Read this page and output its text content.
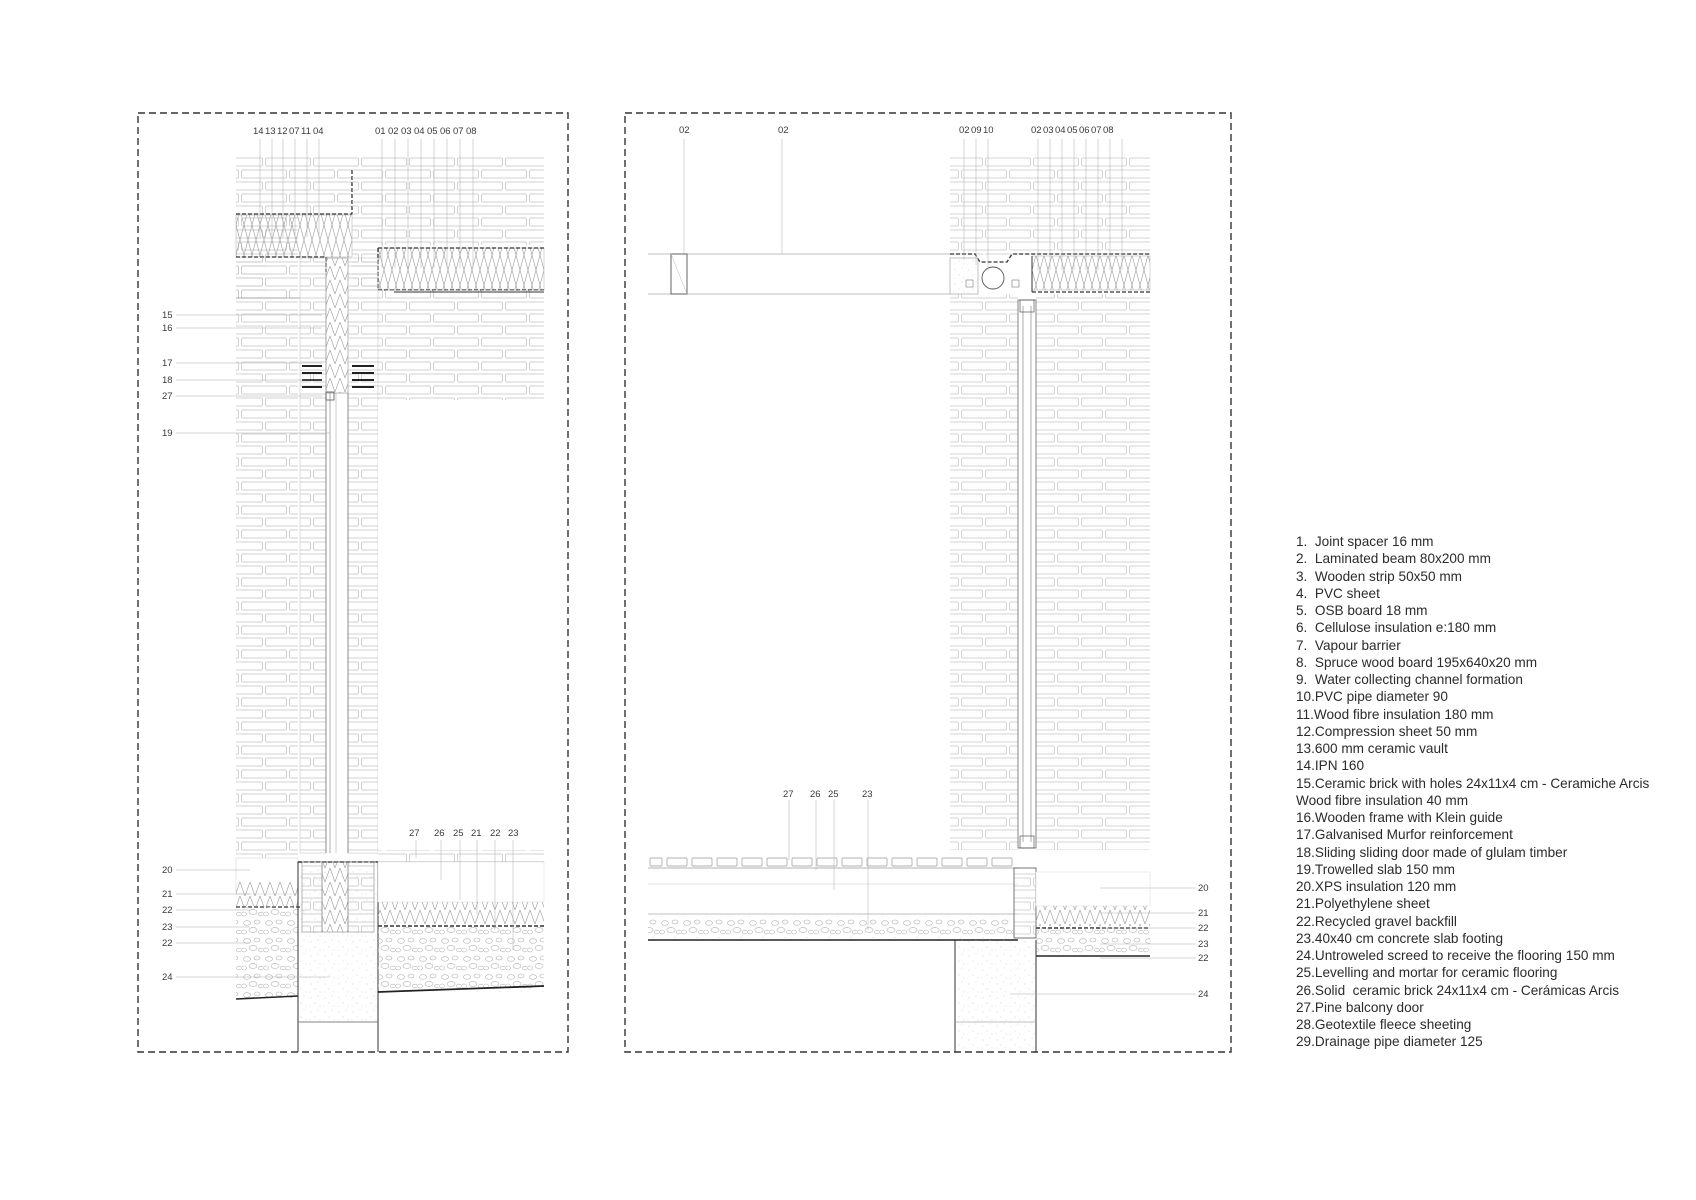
14 13 12 07 11 04	01 02 03 04 05 06 07 08
15
16
17
18
27
19
20
21
22
23
22
24
27 26 25 21 22 23
02	02	02 09 10	02 03 04 05 06 07 08
27 26 25 23
20
21
22
23
22
24
1.  Joint spacer 16 mm
2.  Laminated beam 80x200 mm
3.  Wooden strip 50x50 mm
4.  PVC sheet
5.  OSB board 18 mm
6.  Cellulose insulation e:180 mm
7.  Vapour barrier
8.  Spruce wood board 195x640x20 mm
9.  Water collecting channel formation
10.PVC pipe diameter 90
11.Wood fibre insulation 180 mm
12.Compression sheet 50 mm
13.600 mm ceramic vault
14.IPN 160
15.Ceramic brick with holes 24x11x4 cm - Ceramiche Arcis Wood fibre insulation 40 mm
16.Wooden frame with Klein guide
17.Galvanised Murfor reinforcement
18.Sliding sliding door made of glulam timber
19.Trowelled slab 150 mm
20.XPS insulation 120 mm
21.Polyethylene sheet
22.Recycled gravel backfill
23.40x40 cm concrete slab footing
24.Untroweled screed to receive the flooring 150 mm
25.Levelling and mortar for ceramic flooring
26.Solid  ceramic brick 24x11x4 cm - Cerámicas Arcis
27.Pine balcony door
28.Geotextile fleece sheeting
29.Drainage pipe diameter 125
